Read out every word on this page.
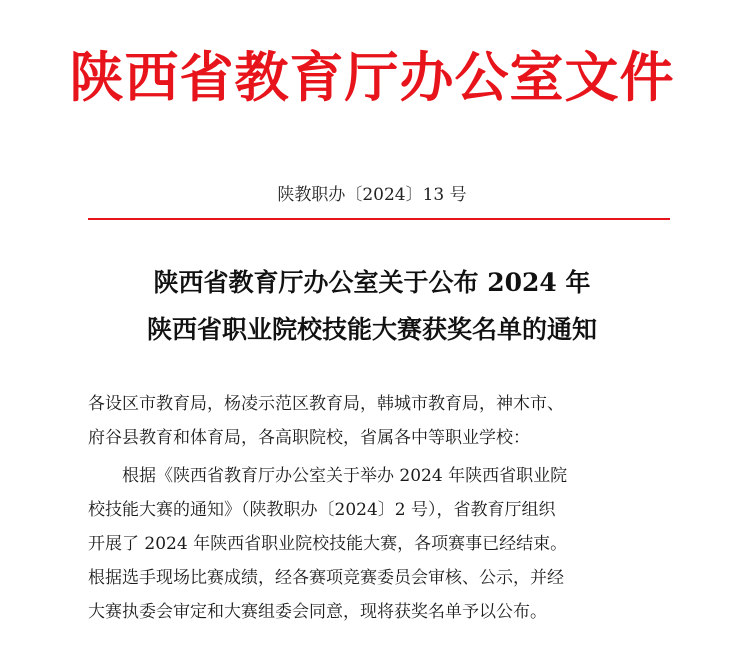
陕西省教育厅办公室文件
陕教职办〔2024〕13 号
陕西省教育厅办公室关于公布 2024 年
陕西省职业院校技能大赛获奖名单的通知
各设区市教育局，杨凌示范区教育局，韩城市教育局，神木市、
府谷县教育和体育局，各高职院校，省属各中等职业学校：
根据《陕西省教育厅办公室关于举办 2024 年陕西省职业院
校技能大赛的通知》（陕教职办〔2024〕2 号），省教育厅组织
开展了 2024 年陕西省职业院校技能大赛，各项赛事已经结束。
根据选手现场比赛成绩，经各赛项竞赛委员会审核、公示，并经
大赛执委会审定和大赛组委会同意，现将获奖名单予以公布。
